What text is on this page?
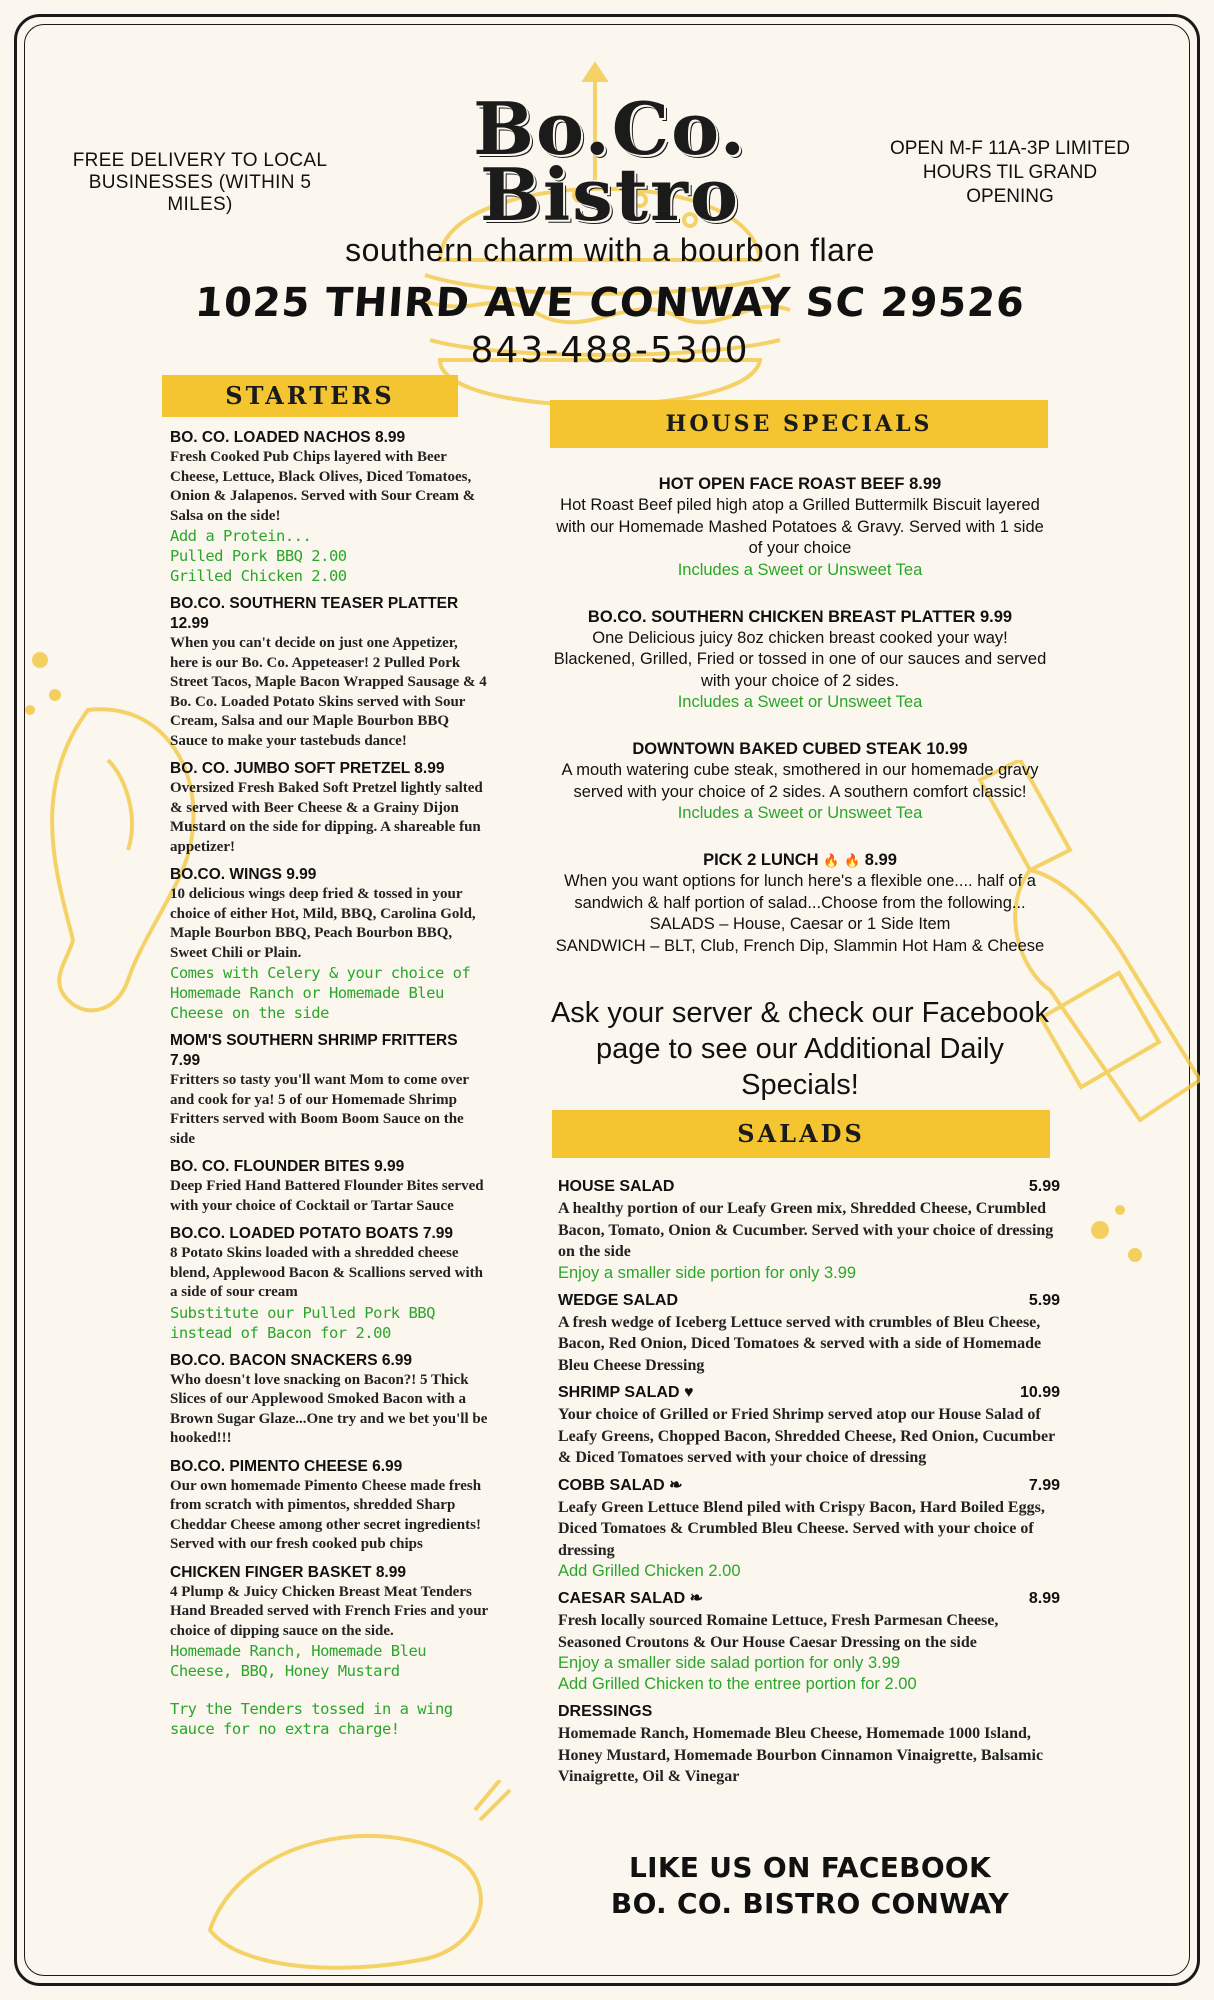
FREE DELIVERY TO LOCAL BUSINESSES (WITHIN 5 MILES)
OPEN M-F 11A-3P LIMITED HOURS TIL GRAND OPENING
Bo.Co.
Bistro
southern charm with a bourbon flare
1025 THIRD AVE CONWAY SC 29526
843-488-5300
STARTERS
HOUSE SPECIALS
SALADS
BO. CO. LOADED NACHOS 8.99
Fresh Cooked Pub Chips layered with Beer Cheese, Lettuce, Black Olives, Diced Tomatoes, Onion & Jalapenos. Served with Sour Cream & Salsa on the side!
Add a Protein...
Pulled Pork BBQ 2.00
Grilled Chicken 2.00
BO.CO. SOUTHERN TEASER PLATTER 12.99
When you can't decide on just one Appetizer, here is our Bo. Co. Appeteaser! 2 Pulled Pork Street Tacos, Maple Bacon Wrapped Sausage & 4 Bo. Co. Loaded Potato Skins served with Sour Cream, Salsa and our Maple Bourbon BBQ Sauce to make your tastebuds dance!
BO. CO. JUMBO SOFT PRETZEL 8.99
Oversized Fresh Baked Soft Pretzel lightly salted & served with Beer Cheese & a Grainy Dijon Mustard on the side for dipping. A shareable fun appetizer!
BO.CO. WINGS 9.99
10 delicious wings deep fried & tossed in your choice of either Hot, Mild, BBQ, Carolina Gold, Maple Bourbon BBQ, Peach Bourbon BBQ, Sweet Chili or Plain.
Comes with Celery & your choice of Homemade Ranch or Homemade Bleu Cheese on the side
MOM'S SOUTHERN SHRIMP FRITTERS 7.99
Fritters so tasty you'll want Mom to come over and cook for ya! 5 of our Homemade Shrimp Fritters served with Boom Boom Sauce on the side
BO. CO. FLOUNDER BITES 9.99
Deep Fried Hand Battered Flounder Bites served with your choice of Cocktail or Tartar Sauce
BO.CO. LOADED POTATO BOATS 7.99
8 Potato Skins loaded with a shredded cheese blend, Applewood Bacon & Scallions served with a side of sour cream
Substitute our Pulled Pork BBQ instead of Bacon for 2.00
BO.CO. BACON SNACKERS 6.99
Who doesn't love snacking on Bacon?! 5 Thick Slices of our Applewood Smoked Bacon with a Brown Sugar Glaze...One try and we bet you'll be hooked!!!
BO.CO. PIMENTO CHEESE 6.99
Our own homemade Pimento Cheese made fresh from scratch with pimentos, shredded Sharp Cheddar Cheese among other secret ingredients! Served with our fresh cooked pub chips
CHICKEN FINGER BASKET 8.99
4 Plump & Juicy Chicken Breast Meat Tenders Hand Breaded served with French Fries and your choice of dipping sauce on the side.
Homemade Ranch, Homemade Bleu Cheese, BBQ, Honey Mustard
Try the Tenders tossed in a wing sauce for no extra charge!
HOT OPEN FACE ROAST BEEF 8.99
Hot Roast Beef piled high atop a Grilled Buttermilk Biscuit layered with our Homemade Mashed Potatoes & Gravy. Served with 1 side of your choice
Includes a Sweet or Unsweet Tea
BO.CO. SOUTHERN CHICKEN BREAST PLATTER 9.99
One Delicious juicy 8oz chicken breast cooked your way! Blackened, Grilled, Fried or tossed in one of our sauces and served with your choice of 2 sides.
Includes a Sweet or Unsweet Tea
DOWNTOWN BAKED CUBED STEAK 10.99
A mouth watering cube steak, smothered in our homemade gravy served with your choice of 2 sides. A southern comfort classic!
Includes a Sweet or Unsweet Tea
PICK 2 LUNCH 🔥 🔥 8.99
When you want options for lunch here's a flexible one.... half of a sandwich & half portion of salad...Choose from the following...
SALADS – House, Caesar or 1 Side Item
SANDWICH – BLT, Club, French Dip, Slammin Hot Ham & Cheese
Ask your server & check our Facebook page to see our Additional Daily Specials!
HOUSE SALAD	5.99
A healthy portion of our Leafy Green mix, Shredded Cheese, Crumbled Bacon, Tomato, Onion & Cucumber. Served with your choice of dressing on the side
Enjoy a smaller side portion for only 3.99
WEDGE SALAD	5.99
A fresh wedge of Iceberg Lettuce served with crumbles of Bleu Cheese, Bacon, Red Onion, Diced Tomatoes & served with a side of Homemade Bleu Cheese Dressing
SHRIMP SALAD ♥	10.99
Your choice of Grilled or Fried Shrimp served atop our House Salad of Leafy Greens, Chopped Bacon, Shredded Cheese, Red Onion, Cucumber & Diced Tomatoes served with your choice of dressing
COBB SALAD ❧	7.99
Leafy Green Lettuce Blend piled with Crispy Bacon, Hard Boiled Eggs, Diced Tomatoes & Crumbled Bleu Cheese. Served with your choice of dressing
Add Grilled Chicken 2.00
CAESAR SALAD ❧	8.99
Fresh locally sourced Romaine Lettuce, Fresh Parmesan Cheese, Seasoned Croutons & Our House Caesar Dressing on the side
Enjoy a smaller side salad portion for only 3.99
Add Grilled Chicken to the entree portion for 2.00
DRESSINGS
Homemade Ranch, Homemade Bleu Cheese, Homemade 1000 Island, Honey Mustard, Homemade Bourbon Cinnamon Vinaigrette, Balsamic Vinaigrette, Oil & Vinegar
LIKE US ON FACEBOOK
BO. CO. BISTRO CONWAY
